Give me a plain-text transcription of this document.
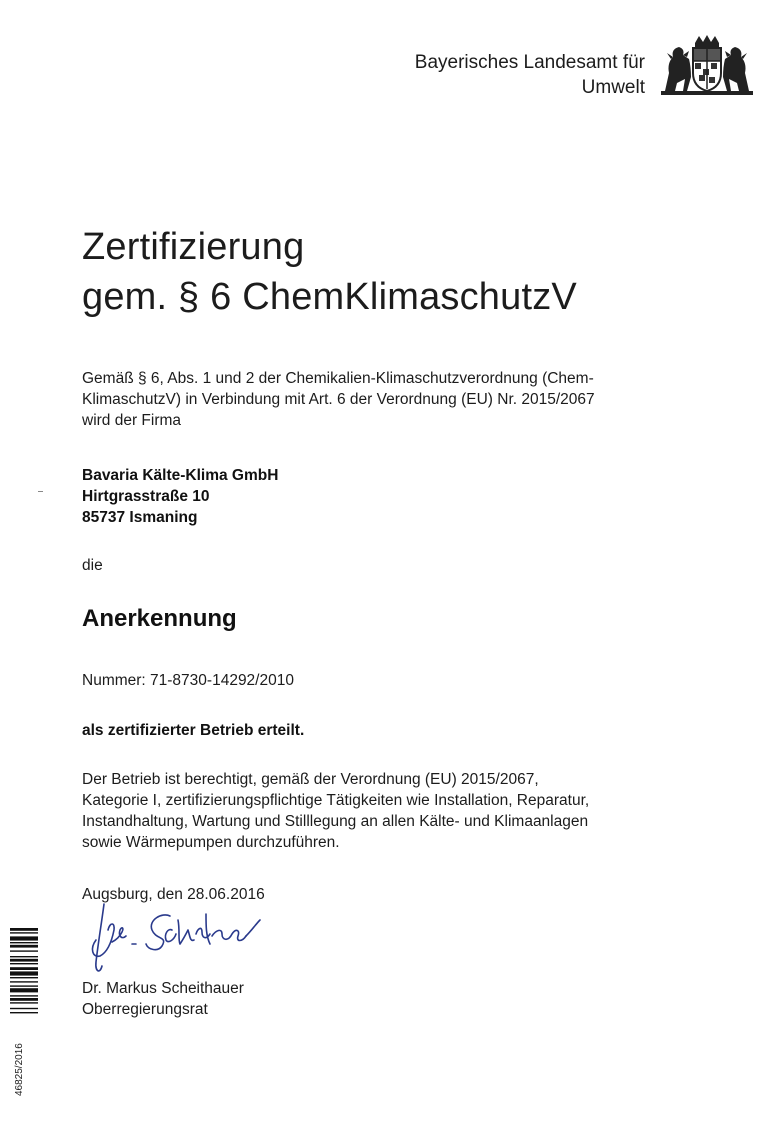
Bayerisches Landesamt für
Umwelt
Zertifizierung
gem. § 6 ChemKlimaschutzV
Gemäß § 6, Abs. 1 und 2 der Chemikalien-Klimaschutzverordnung (Chem-
KlimaschutzV) in Verbindung mit Art. 6 der Verordnung (EU) Nr. 2015/2067
wird der Firma
Bavaria Kälte-Klima GmbH
Hirtgrasstraße 10
85737 Ismaning
die
Anerkennung
Nummer: 71-8730-14292/2010
als zertifizierter Betrieb erteilt.
Der Betrieb ist berechtigt, gemäß der Verordnung (EU) 2015/2067,
Kategorie I, zertifizierungspflichtige Tätigkeiten wie Installation, Reparatur,
Instandhaltung, Wartung und Stilllegung an allen Kälte- und Klimaanlagen
sowie Wärmepumpen durchzuführen.
Augsburg, den 28.06.2016
Dr. Markus Scheithauer
Oberregierungsrat
46825/2016
